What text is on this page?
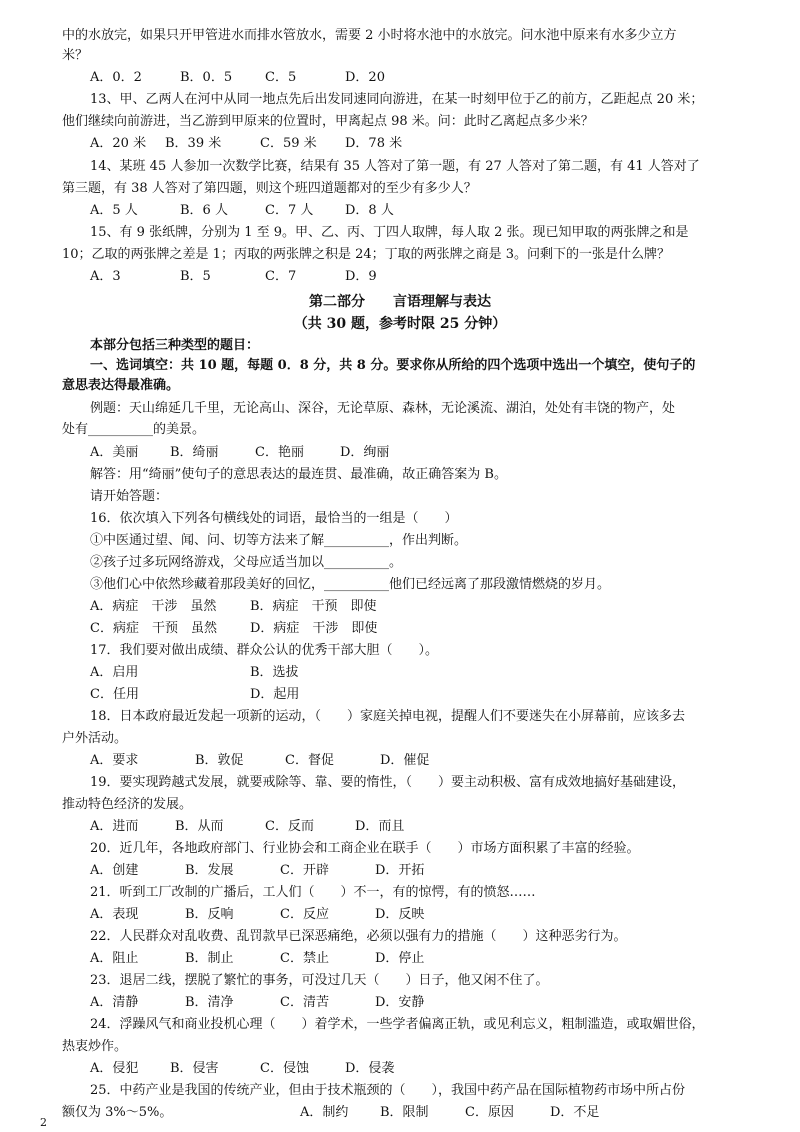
中的水放完，如果只开甲管进水而排水管放水，需要 2 小时将水池中的水放完。问水池中原来有水多少立方
米？
A．0．2	B．0．5	C．5	D．20
13、甲、乙两人在河中从同一地点先后出发同速同向游进，在某一时刻甲位于乙的前方，乙距起点 20 米；
他们继续向前游进，当乙游到甲原来的位置时，甲离起点 98 米。问：此时乙离起点多少米？
A．20 米 B．39 米	C．59 米 D．78 米
14、某班 45 人参加一次数学比赛，结果有 35 人答对了第一题，有 27 人答对了第二题，有 41 人答对了
第三题，有 38 人答对了第四题，则这个班四道题都对的至少有多少人？
A．5 人	B．6 人	C．7 人 D．8 人
15、有 9 张纸牌，分别为 1 至 9。甲、乙、丙、丁四人取牌，每人取 2 张。现已知甲取的两张牌之和是
10；乙取的两张牌之差是 1；丙取的两张牌之积是 24；丁取的两张牌之商是 3。问剩下的一张是什么牌？
A．3	B．5	C．7	D．9
第二部分　　言语理解与表达
（共 30 题，参考时限 25 分钟）
本部分包括三种类型的题目：
一、选词填空：共 10 题，每题 0．8 分，共 8 分。要求你从所给的四个选项中选出一个填空，使句子的
意思表达得最准确。
例题：天山绵延几千里，无论高山、深谷，无论草原、森林，无论溪流、湖泊，处处有丰饶的物产，处
处有__________的美景。
A．美丽 B．绮丽	C．艳丽	D．绚丽
解答：用“绮丽”使句子的意思表达的最连贯、最准确，故正确答案为 B。
请开始答题：
16．依次填入下列各句横线处的词语，最恰当的一组是（　　）
①中医通过望、闻、问、切等方法来了解__________，作出判断。
②孩子过多玩网络游戏，父母应适当加以__________。
③他们心中依然珍藏着那段美好的回忆，__________他们已经远离了那段激情燃烧的岁月。
A．病症　干涉　虽然	B．病症　干预　即使
C．病症　干预　虽然	D．病症　干涉　即使
17．我们要对做出成绩、群众公认的优秀干部大胆（　　）。
A．启用	B．选拔
C．任用	D．起用
18．日本政府最近发起一项新的运动，（　　）家庭关掉电视，提醒人们不要迷失在小屏幕前，应该多去
户外活动。
A．要求	B．敦促	C．督促	D．催促
19．要实现跨越式发展，就要戒除等、靠、要的惰性，（　　）要主动积极、富有成效地搞好基础建设，
推动特色经济的发展。
A．进而	B．从而	C．反而	D．而且
20．近几年，各地政府部门、行业协会和工商企业在联手（　　）市场方面积累了丰富的经验。
A．创建	B．发展	C．开辟	D．开拓
21．听到工厂改制的广播后，工人们（　　）不一，有的惊愕，有的愤怒……
A．表现	B．反响	C．反应	D．反映
22．人民群众对乱收费、乱罚款早已深恶痛绝，必须以强有力的措施（　　）这种恶劣行为。
A．阻止	B．制止	C．禁止	D．停止
23．退居二线，摆脱了繁忙的事务，可没过几天（　　）日子，他又闲不住了。
A．清静	B．清净	C．清苦	D．安静
24．浮躁风气和商业投机心理（　　）着学术，一些学者偏离正轨，或见利忘义，粗制滥造，或取媚世俗，
热衷炒作。
2
A．侵犯 B．侵害	C．侵蚀	D．侵袭
25．中药产业是我国的传统产业，但由于技术瓶颈的（　　），我国中药产品在国际植物药市场中所占份
额仅为 3%～5%。	A．制约 B．限制	C．原因	D．不足
